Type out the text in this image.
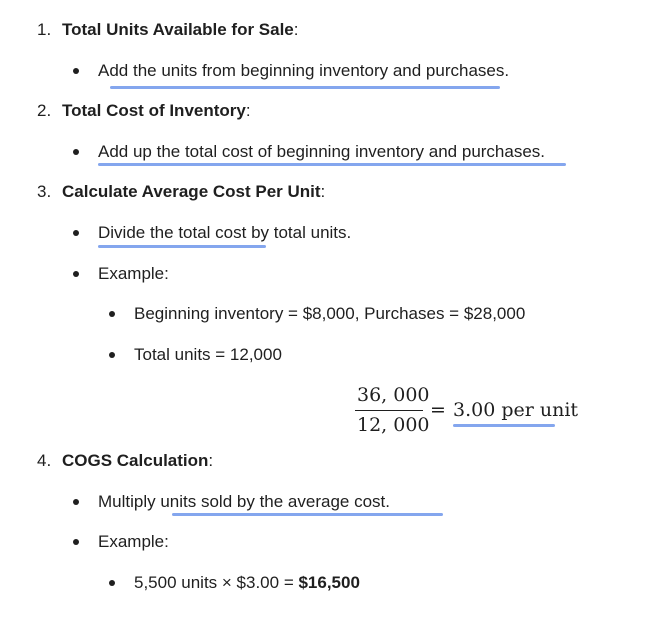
1. Total Units Available for Sale:
Add the units from beginning inventory and purchases.
2. Total Cost of Inventory:
Add up the total cost of beginning inventory and purchases.
3. Calculate Average Cost Per Unit:
Divide the total cost by total units.
Example:
Beginning inventory = $8,000, Purchases = $28,000
Total units = 12,000
36, 000
12, 000
= 3.00 per unit
4. COGS Calculation:
Multiply units sold by the average cost.
Example:
5,500 units × $3.00 = $16,500
